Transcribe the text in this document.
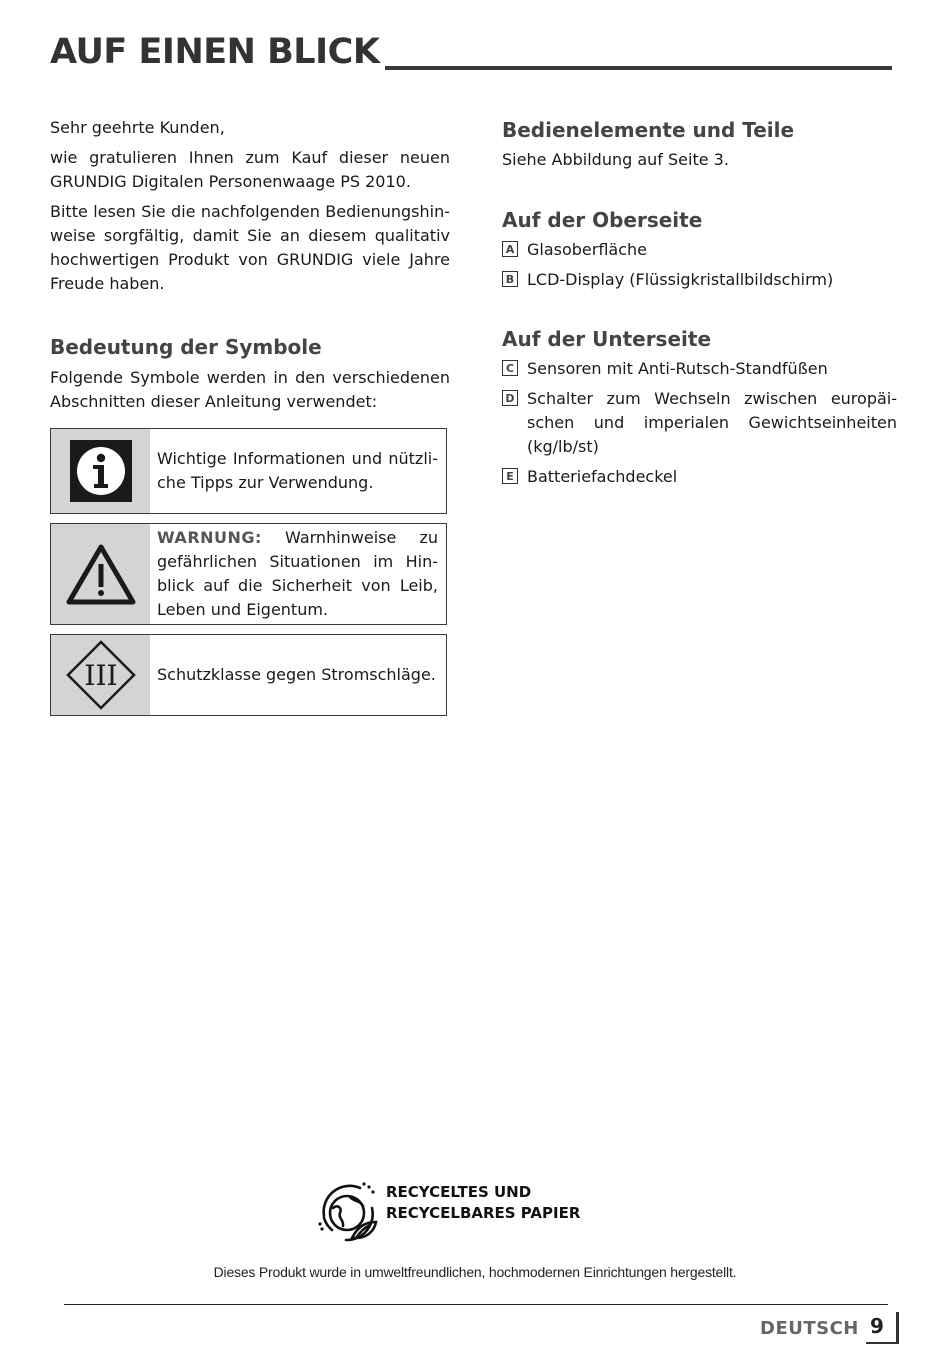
AUF EINEN BLICK

Sehr geehrte Kunden,

wie gratulieren Ihnen zum Kauf dieser neuen GRUNDIG Digitalen Personenwaage PS 2010.

Bitte lesen Sie die nachfolgenden Bedienungshinweise sorgfältig, damit Sie an diesem qualitativ hochwertigen Produkt von GRUNDIG viele Jahre Freude haben.

Bedeutung der Symbole

Folgende Symbole werden in den verschiedenen Abschnitten dieser Anleitung verwendet:

Wichtige Informationen und nützliche Tipps zur Verwendung.
WARNUNG: Warnhinweise zu gefährlichen Situationen im Hinblick auf die Sicherheit von Leib, Leben und Eigentum.
III Schutzklasse gegen Stromschläge.
Bedienelemente und Teile

Siehe Abbildung auf Seite 3.

Auf der Oberseite
A Glasoberfläche
B LCD-Display (Flüssigkristallbildschirm)
Auf der Unterseite
C Sensoren mit Anti-Rutsch-Standfüßen
D Schalter zum Wechseln zwischen europäischen und imperialen Gewichtseinheiten (kg/lb/st)
E Batteriefachdeckel
RECYCELTES UND
RECYCELBARES PAPIER
Dieses Produkt wurde in umweltfreundlichen, hochmodernen Einrichtungen hergestellt.
DEUTSCH 9
